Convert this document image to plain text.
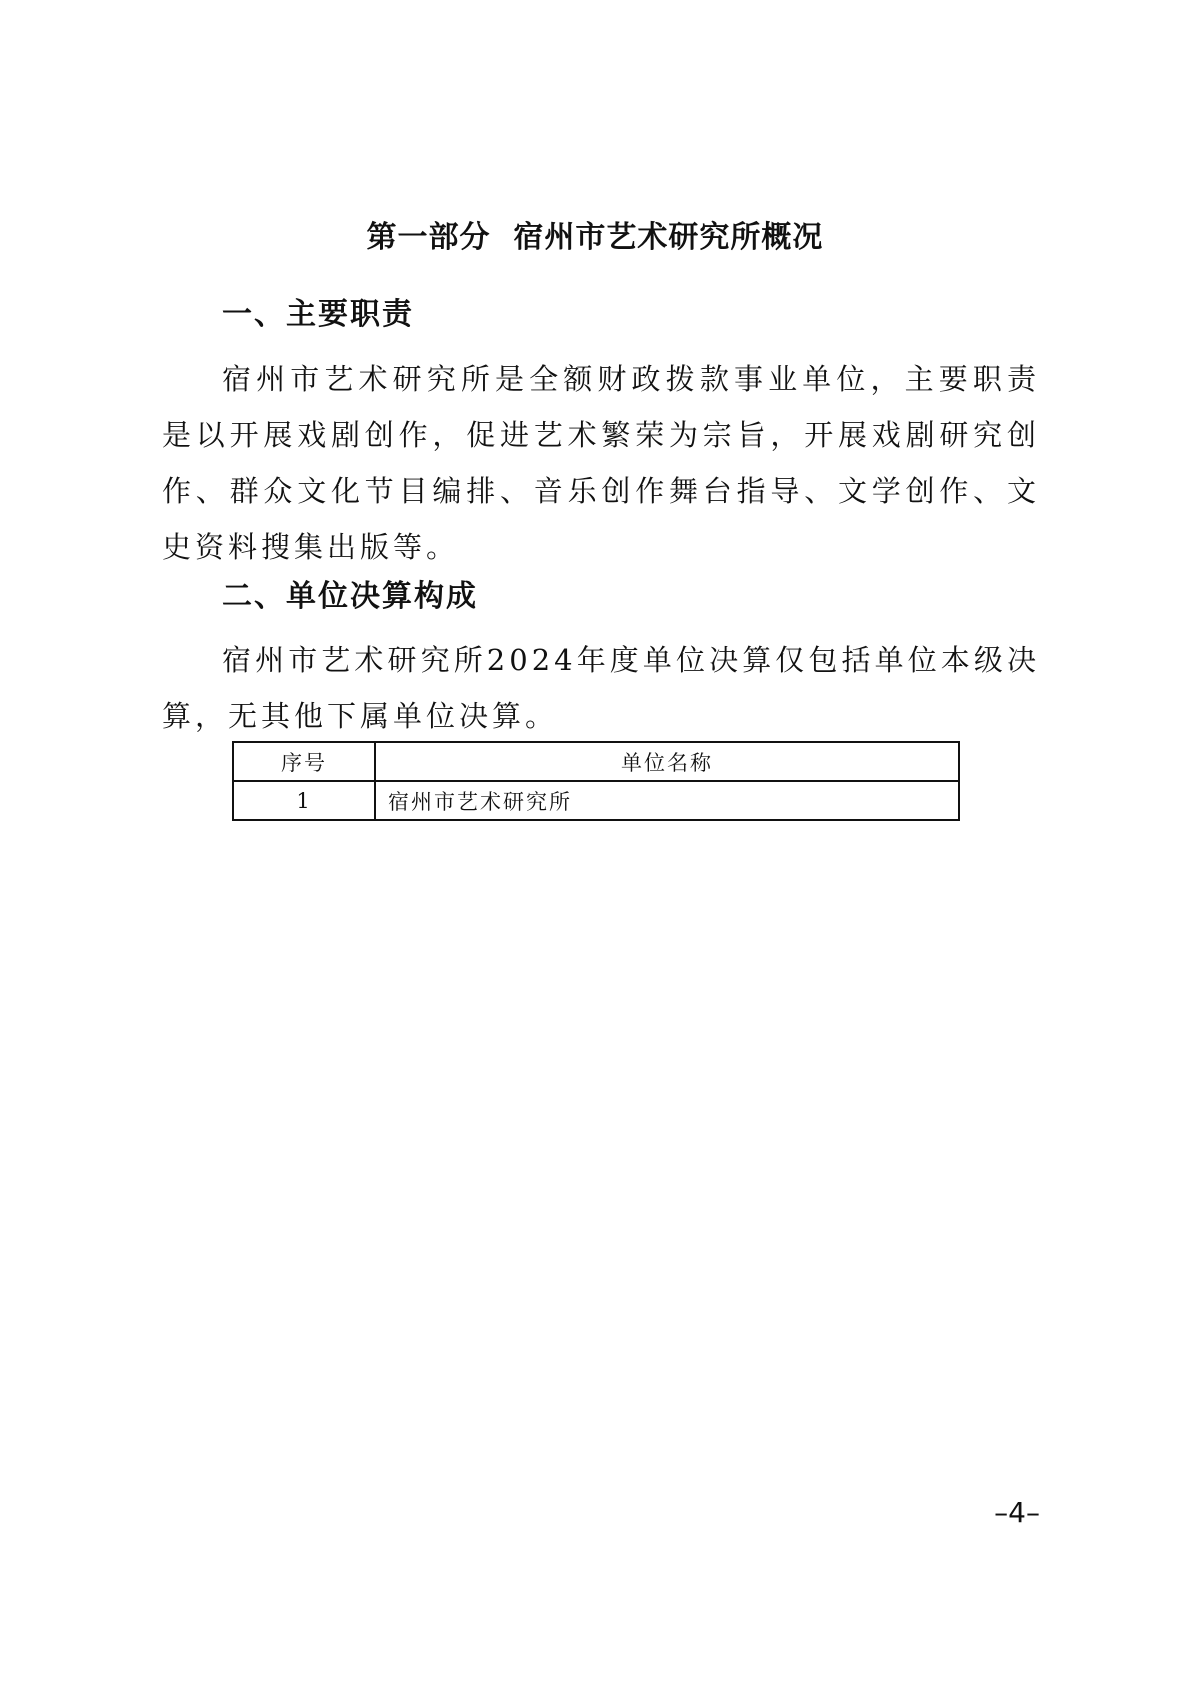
第一部分  宿州市艺术研究所概况
一、主要职责

宿州市艺术研究所是全额财政拨款事业单位，主要职责是以开展戏剧创作，促进艺术繁荣为宗旨，开展戏剧研究创作、群众文化节目编排、音乐创作舞台指导、文学创作、文史资料搜集出版等。

二、单位决算构成

宿州市艺术研究所2024年度单位决算仅包括单位本级决算，无其他下属单位决算。

序号	单位名称
1	宿州市艺术研究所
–4–
